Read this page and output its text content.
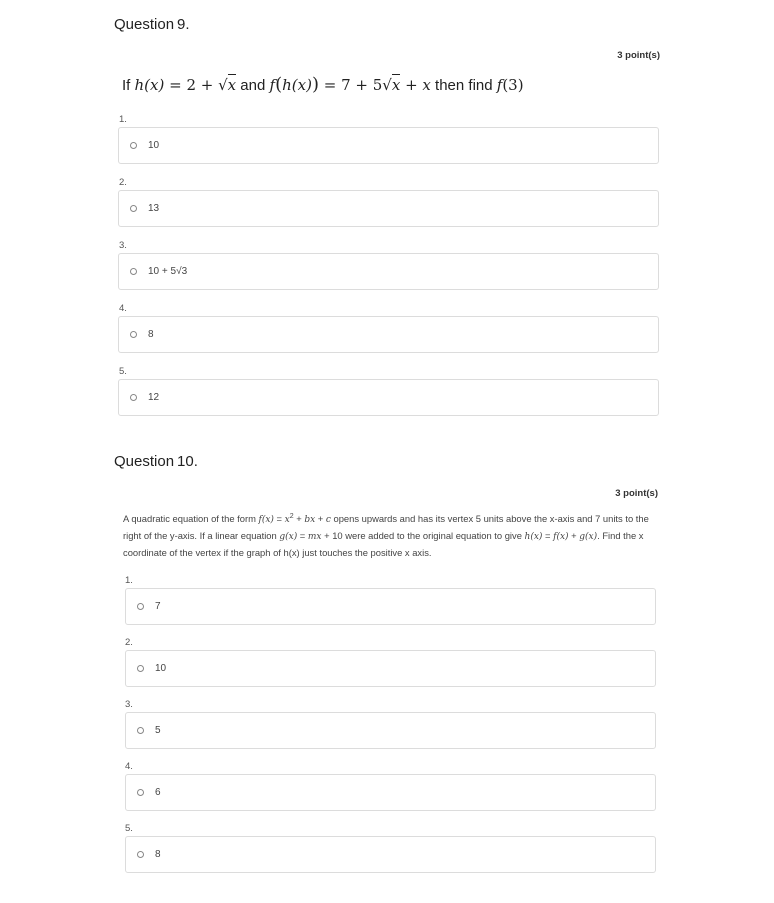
Question 9.
3 point(s)
If h(x) = 2 + √x and f(h(x)) = 7 + 5√x + x then find f(3)
1.
10
2.
13
3.
10 + 5√3
4.
8
5.
12
Question 10.
3 point(s)
A quadratic equation of the form $f(x) = x^2$ + bx + c opens upwards and has its vertex 5 units above the x-axis and 7 units to the right of the y-axis. If a linear equation g(x) = mx + 10 were added to the original equation to give h(x) = f(x) + g(x). Find the x coordinate of the vertex if the graph of h(x) just touches the positive x axis.
1.
7
2.
10
3.
5
4.
6
5.
8
